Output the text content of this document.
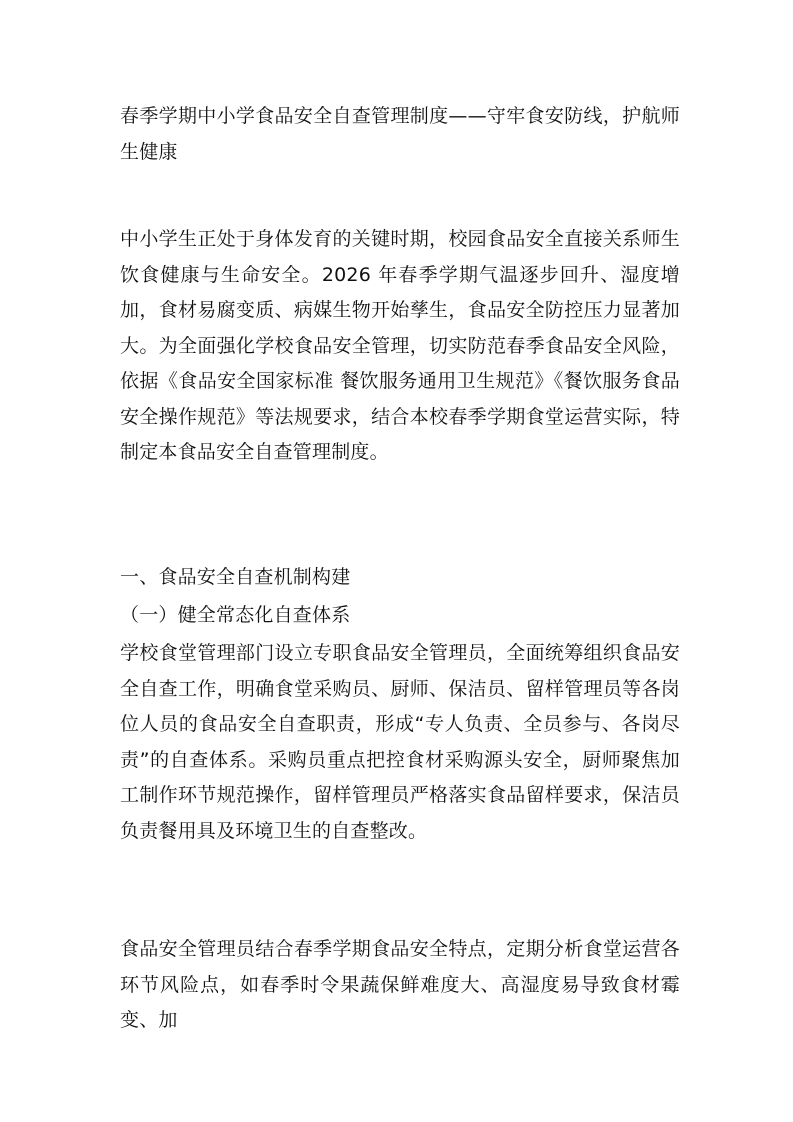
春季学期中小学食品安全自查管理制度——守牢食安防线，护航师生健康
中小学生正处于身体发育的关键时期，校园食品安全直接关系师生饮食健康与生命安全。2026 年春季学期气温逐步回升、湿度增加，食材易腐变质、病媒生物开始孳生，食品安全防控压力显著加大。为全面强化学校食品安全管理，切实防范春季食品安全风险，依据《食品安全国家标准 餐饮服务通用卫生规范》《餐饮服务食品安全操作规范》等法规要求，结合本校春季学期食堂运营实际，特制定本食品安全自查管理制度。
一、食品安全自查机制构建
（一）健全常态化自查体系
学校食堂管理部门设立专职食品安全管理员，全面统筹组织食品安全自查工作，明确食堂采购员、厨师、保洁员、留样管理员等各岗位人员的食品安全自查职责，形成“专人负责、全员参与、各岗尽责”的自查体系。采购员重点把控食材采购源头安全，厨师聚焦加工制作环节规范操作，留样管理员严格落实食品留样要求，保洁员负责餐用具及环境卫生的自查整改。
食品安全管理员结合春季学期食品安全特点，定期分析食堂运营各环节风险点，如春季时令果蔬保鲜难度大、高湿度易导致食材霉变、加
